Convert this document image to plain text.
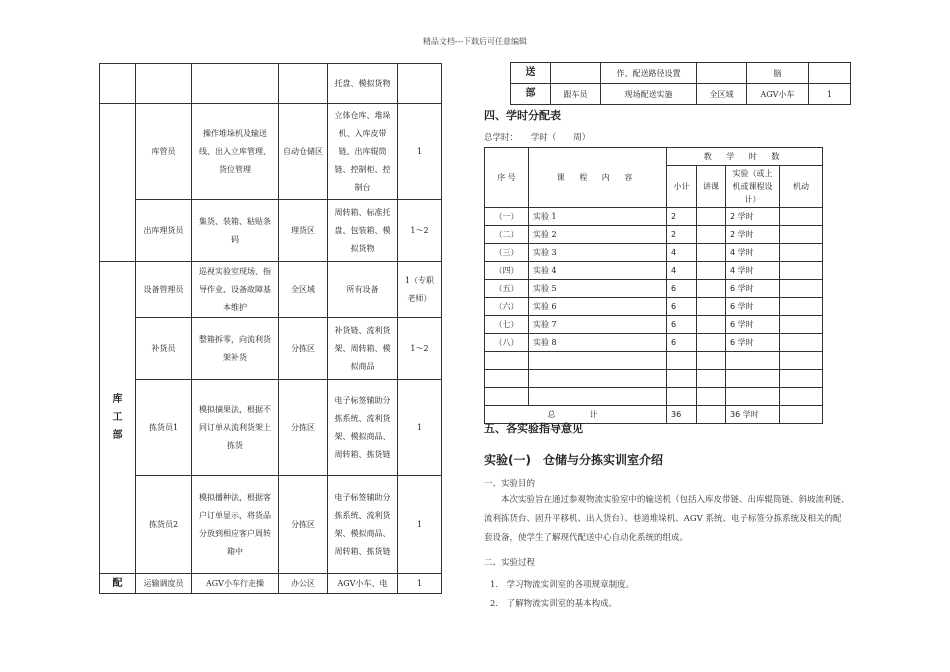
精品文档---下载后可任意编辑
				托盘、模拟货物	
	库管员	操作堆垛机及输送线、出入立库管理、货位管理	自动仓储区	立体仓库、堆垛机、入库皮带链、出库辊筒链、控制柜、控制台	1
	出库理货员	集货、装箱、粘贴条码	理货区	周转箱、标准托盘、包装箱、模拟货物	1～2

库
工
部	设备管理员	巡视实验室现场、指导作业、设备故障基本维护	全区域	所有设备	1（专职老师）
	补货员	整箱拆零，向流利货架补货	分拣区	补货链、流利货架、周转箱、模拟商品	1～2
	拣货员1	模拟摘果法，根据不同订单从流利货架上拣货	分拣区	电子标签辅助分拣系统、流利货架、模拟商品、周转箱、拣货链	1
	拣货员2	模拟播种法，根据客户订单显示，将货品分放到相应客户周转箱中	分拣区	电子标签辅助分拣系统、流利货架、模拟商品、周转箱、拣货链	1
配	运输调度员	AGV小车行走操	办公区	AGV小车、电	1
送		作、配送路径设置		脑	
部	跟车员	现场配送实施	全区域	AGV小车	1
四、学时分配表
总学时：　　 学时（　　周）
序 号	课 程 内 容	教 学 时 数			
		小计	讲课	实验（或上机或课程设计）	机动
（一）	实验 1	2		2 学时	
（二）	实验 2	2		2 学时	
（三）	实验 3	4		4 学时	
（四）	实验 4	4		4 学时	
（五）	实验 5	6		6 学时	
（六）	实验 6	6		6 学时	
（七）	实验 7	6		6 学时	
（八）	实验 8	6		6 学时	

总　　计		36		36 学时	
五、各实验指导意见
实验(一)　仓储与分拣实训室介绍
一、实验目的
本次实验旨在通过参观物流实验室中的输送机（包括入库皮带链、出库辊筒链、斜坡流利链、流利拣货台、固升平移机、出入货台）、巷道堆垛机、AGV 系统、电子标签分拣系统及相关的配套设备，使学生了解现代配送中心自动化系统的组成。
二、实验过程
1.　学习物流实训室的各项规章制度。
2.　了解物流实训室的基本构成。
